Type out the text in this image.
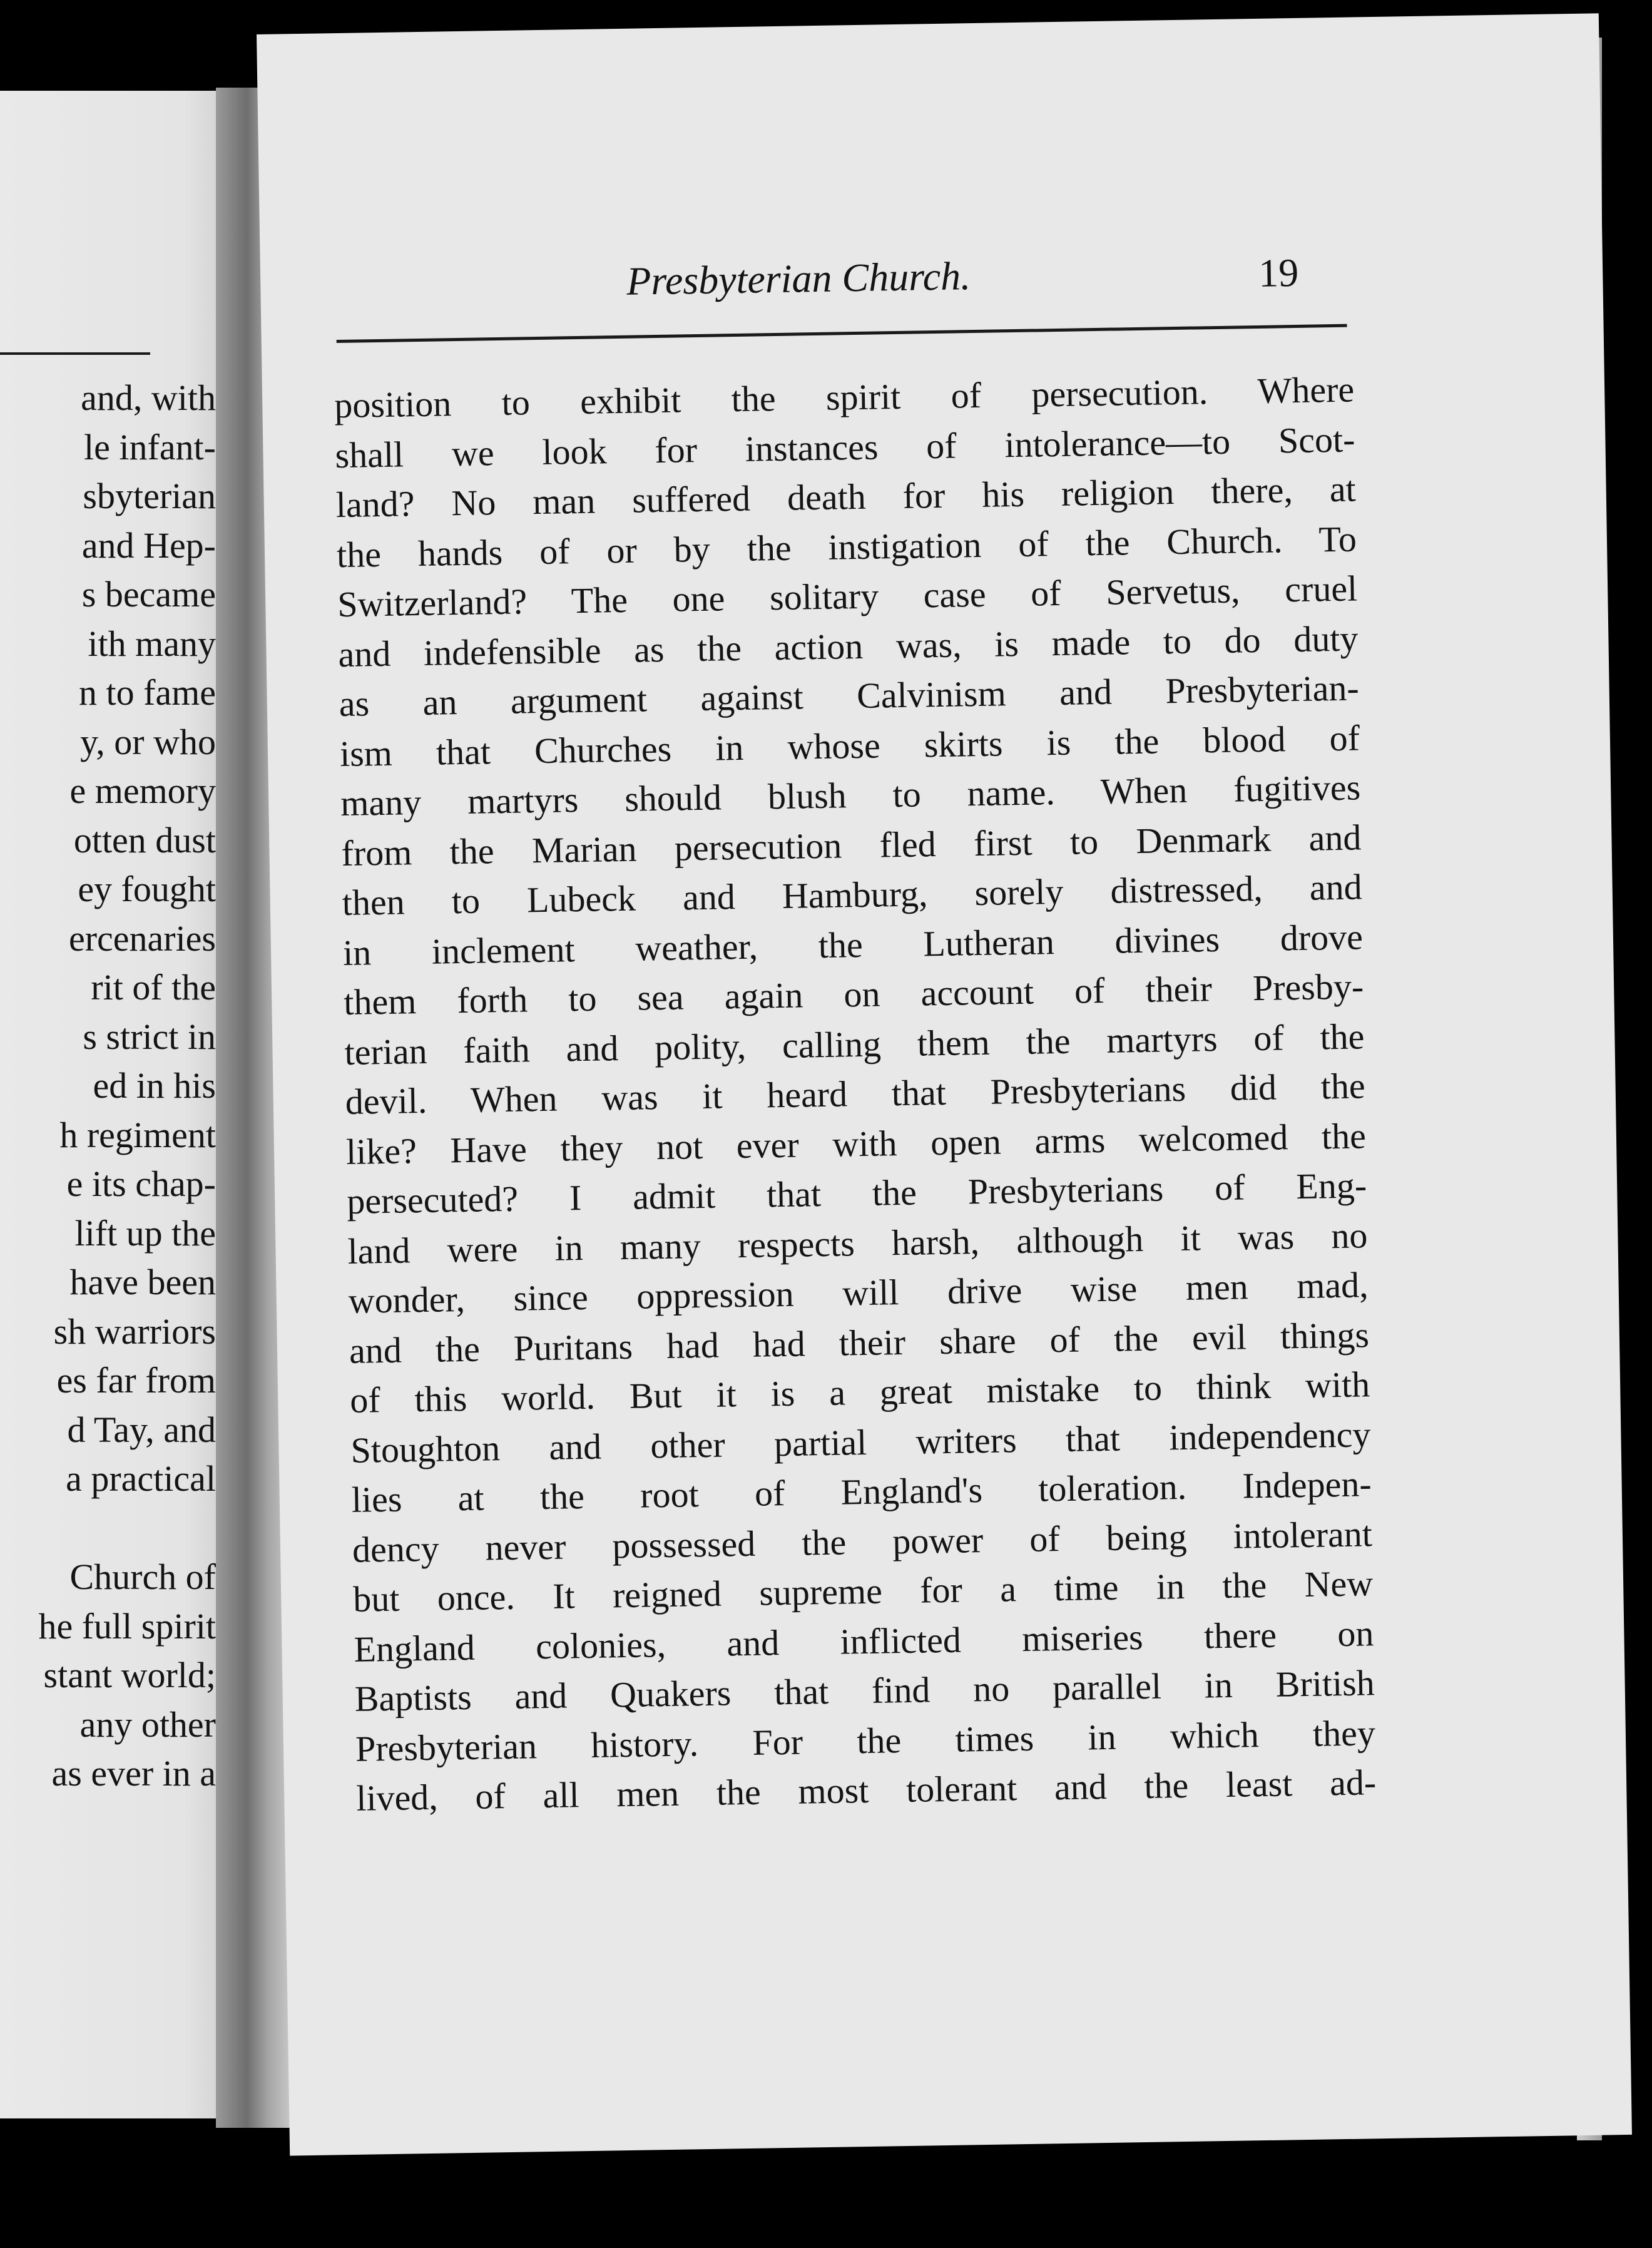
and, with
le infant-
sbyterian
and Hep-
s became
ith many
n to fame
y, or who
e memory
otten dust
ey fought
ercenaries
rit of the
s strict in
ed in his
h regiment
e its chap-
lift up the
have been
sh warriors
es far from
d Tay, and
a practical
Church of
he full spirit
stant world;
any other
as ever in a
Presbyterian Church.	19
position to exhibit the spirit of persecution. Where
shall we look for instances of intolerance—to Scot-
land? No man suffered death for his religion there, at
the hands of or by the instigation of the Church. To
Switzerland? The one solitary case of Servetus, cruel
and indefensible as the action was, is made to do duty
as an argument against Calvinism and Presbyterian-
ism that Churches in whose skirts is the blood of
many martyrs should blush to name. When fugitives
from the Marian persecution fled first to Denmark and
then to Lubeck and Hamburg, sorely distressed, and
in inclement weather, the Lutheran divines drove
them forth to sea again on account of their Presby-
terian faith and polity, calling them the martyrs of the
devil. When was it heard that Presbyterians did the
like? Have they not ever with open arms welcomed the
persecuted? I admit that the Presbyterians of Eng-
land were in many respects harsh, although it was no
wonder, since oppression will drive wise men mad,
and the Puritans had had their share of the evil things
of this world. But it is a great mistake to think with
Stoughton and other partial writers that independency
lies at the root of England's toleration. Indepen-
dency never possessed the power of being intolerant
but once. It reigned supreme for a time in the New
England colonies, and inflicted miseries there on
Baptists and Quakers that find no parallel in British
Presbyterian history. For the times in which they
lived, of all men the most tolerant and the least ad-
